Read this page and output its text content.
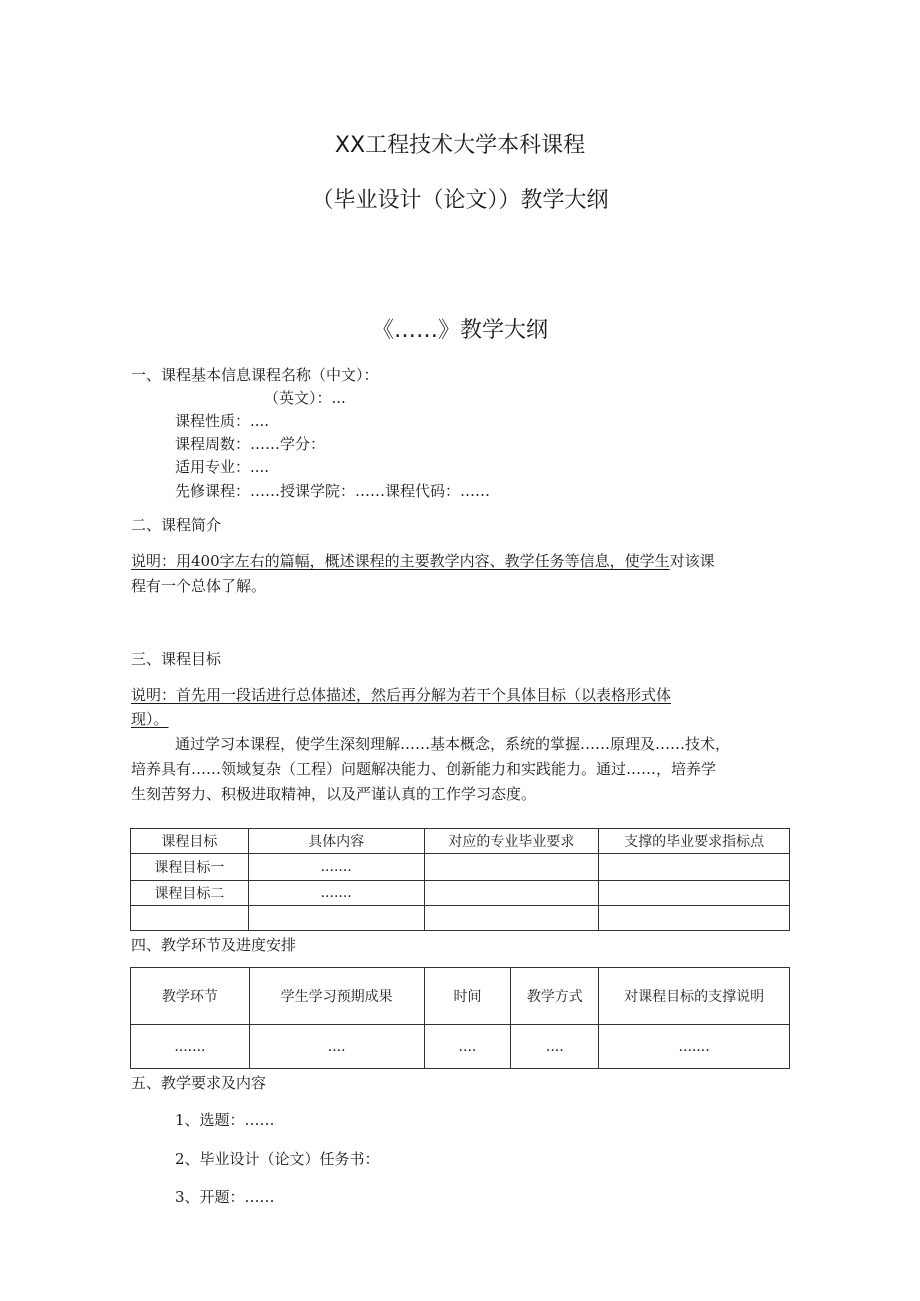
XX工程技术大学本科课程
（毕业设计（论文））教学大纲
《……》教学大纲
一、课程基本信息课程名称（中文）：
（英文）：...
课程性质：....
课程周数：……学分：
适用专业：....
先修课程：……授课学院：……课程代码：……
二、课程简介
说明：用400字左右的篇幅，概述课程的主要教学内容、教学任务等信息，使学生对该课
程有一个总体了解。
三、课程目标
说明：首先用一段话进行总体描述，然后再分解为若干个具体目标（以表格形式体
现）。
通过学习本课程，使学生深刻理解……基本概念，系统的掌握……原理及……技术，
培养具有……领域复杂（工程）问题解决能力、创新能力和实践能力。通过……，培养学
生刻苦努力、积极进取精神，以及严谨认真的工作学习态度。
课程目标	具体内容	对应的专业毕业要求	支撑的毕业要求指标点
课程目标一	.......		
课程目标二	.......		

四、教学环节及进度安排
教学环节	学生学习预期成果	时间	教学方式	对课程目标的支撑说明
.......	....	....	....	.......
五、教学要求及内容
1、选题：……
2、毕业设计（论文）任务书：
3、开题：……
